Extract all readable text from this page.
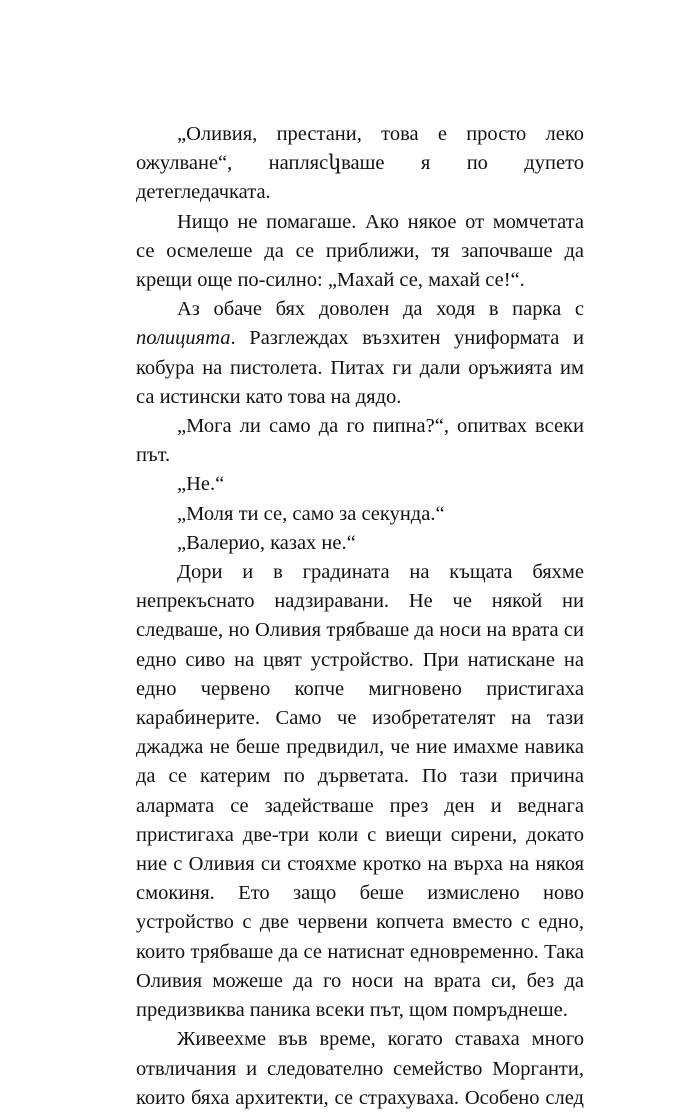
„Оливия, престани, това е просто леко ожулване“, наплясկваше я по дупето детегледачката.

Нищо не помагаше. Ако някое от момчетата се осмелеше да се приближи, тя започваше да крещи още по-силно: „Махай се, махай се!“.

Аз обаче бях доволен да ходя в парка с полицията. Разглеждах възхитен униформата и кобура на пистолета. Питах ги дали оръжията им са истински като това на дядо.

„Мога ли само да го пипна?“, опитвах всеки път.

„Не.“

„Моля ти се, само за секунда.“

„Валерио, казах не.“

Дори и в градината на къщата бяхме непрекъснато надзиравани. Не че някой ни следваше, но Оливия трябваше да носи на врата си едно сиво на цвят устройство. При натискане на едно червено копче мигновено пристигаха карабинерите. Само че изобретателят на тази джаджа не беше предвидил, че ние имахме навика да се катерим по дърветата. По тази причина алармата се задействаше през ден и веднага пристигаха две-три коли с виещи сирени, докато ние с Оливия си стояхме кротко на върха на някоя смокиня. Ето защо беше измислено ново устройство с две червени копчета вместо с едно, които трябваше да се натиснат едновременно. Така Оливия можеше да го носи на врата си, без да предизвиква паника всеки път, щом помръднеше.

Живеехме във време, когато ставаха много отвличания и следователно семейство Морганти, които бяха архитекти, се страхуваха. Особено след
